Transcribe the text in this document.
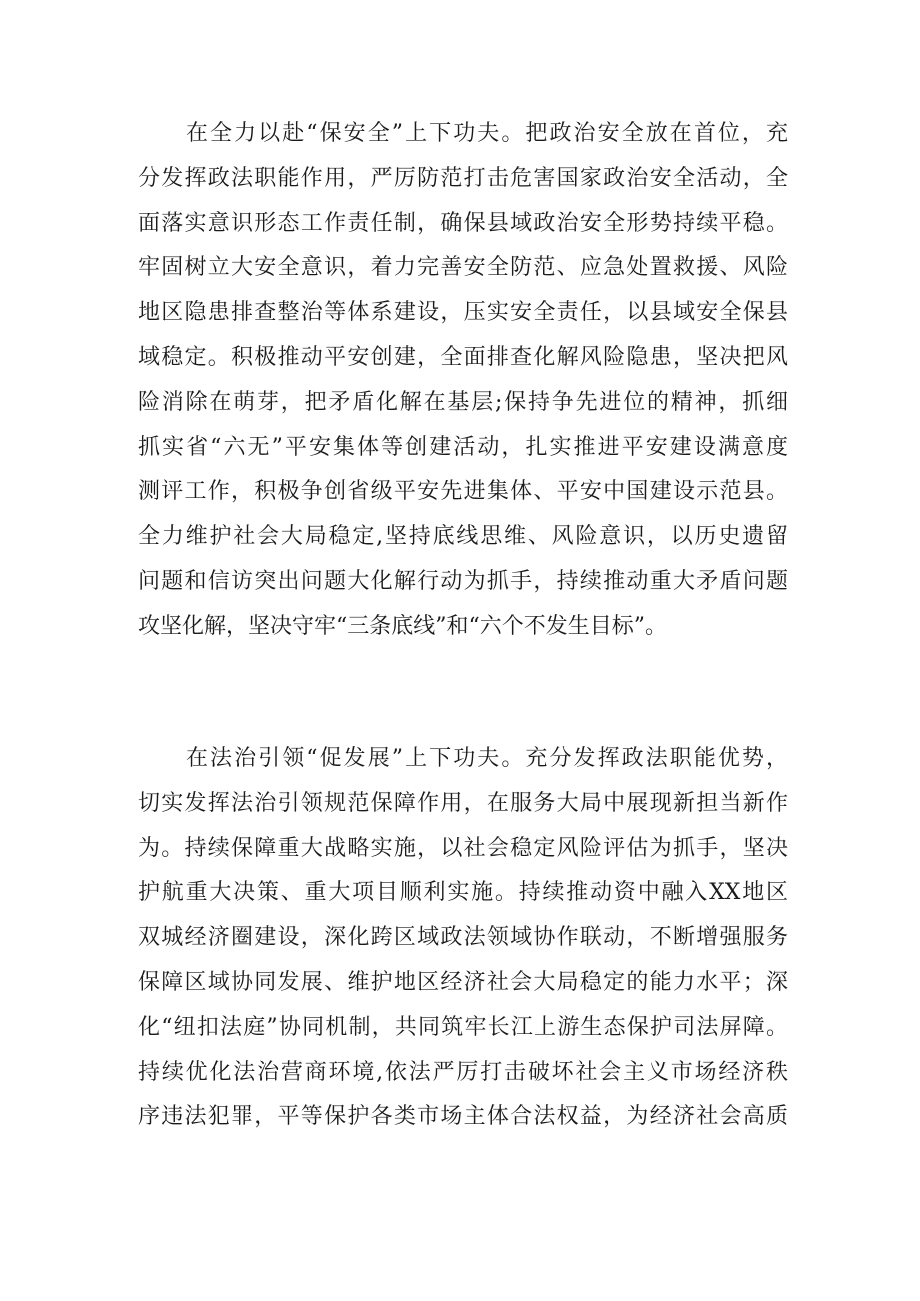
在全力以赴“保安全”上下功夫。把政治安全放在首位，充
分发挥政法职能作用，严厉防范打击危害国家政治安全活动，全
面落实意识形态工作责任制，确保县域政治安全形势持续平稳。
牢固树立大安全意识，着力完善安全防范、应急处置救援、风险
地区隐患排查整治等体系建设，压实安全责任，以县域安全保县
域稳定。积极推动平安创建，全面排查化解风险隐患，坚决把风
险消除在萌芽，把矛盾化解在基层;保持争先进位的精神，抓细
抓实省“六无”平安集体等创建活动，扎实推进平安建设满意度
测评工作，积极争创省级平安先进集体、平安中国建设示范县。
全力维护社会大局稳定,坚持底线思维、风险意识，以历史遗留
问题和信访突出问题大化解行动为抓手，持续推动重大矛盾问题
攻坚化解，坚决守牢“三条底线”和“六个不发生目标”。
在法治引领“促发展”上下功夫。充分发挥政法职能优势，
切实发挥法治引领规范保障作用，在服务大局中展现新担当新作
为。持续保障重大战略实施，以社会稳定风险评估为抓手，坚决
护航重大决策、重大项目顺利实施。持续推动资中融入XX地区
双城经济圈建设，深化跨区域政法领域协作联动，不断增强服务
保障区域协同发展、维护地区经济社会大局稳定的能力水平；深
化“纽扣法庭”协同机制，共同筑牢长江上游生态保护司法屏障。
持续优化法治营商环境,依法严厉打击破坏社会主义市场经济秩
序违法犯罪，平等保护各类市场主体合法权益，为经济社会高质
